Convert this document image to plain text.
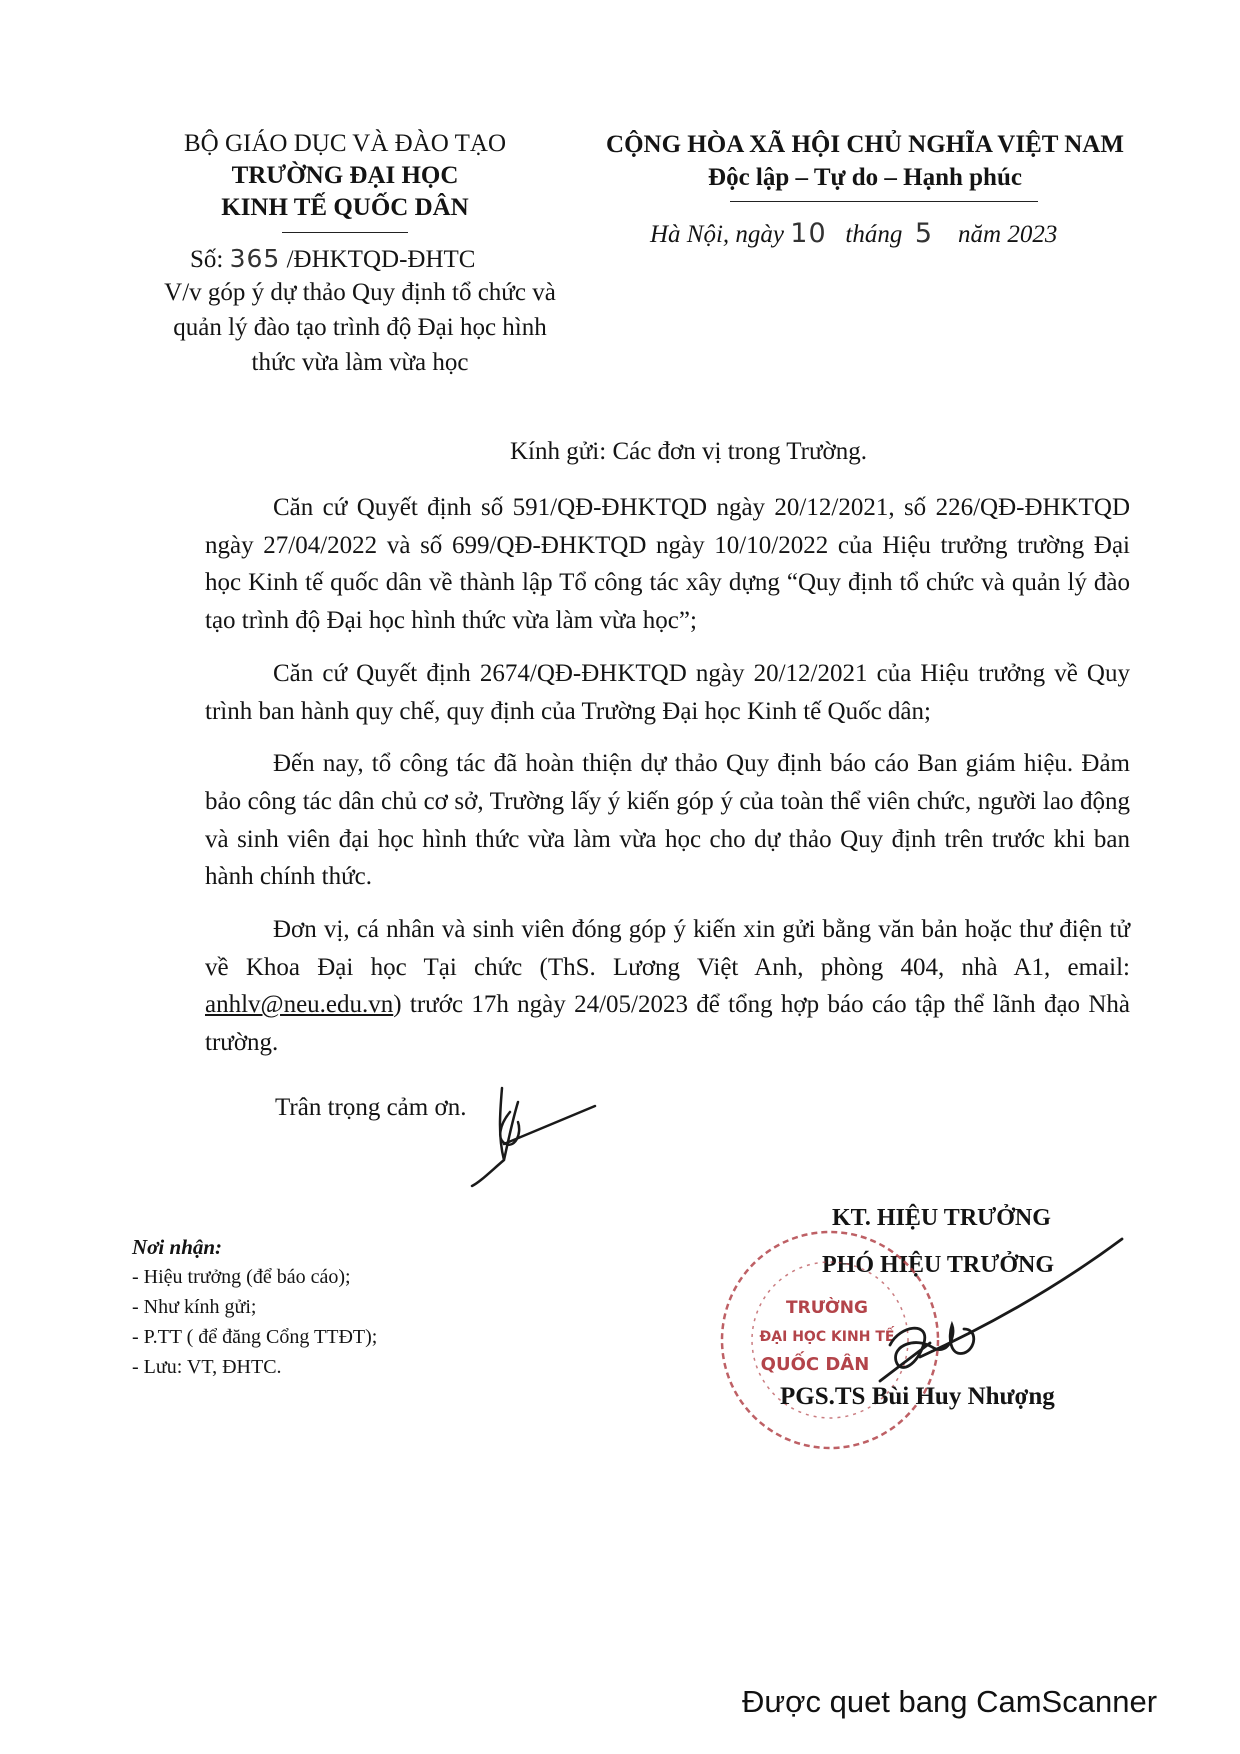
BỘ GIÁO DỤC VÀ ĐÀO TẠO
TRƯỜNG ĐẠI HỌC
KINH TẾ QUỐC DÂN
Số: 365 /ĐHKTQD-ĐHTC
V/v góp ý dự thảo Quy định tổ chức và
quản lý đào tạo trình độ Đại học hình
thức vừa làm vừa học
CỘNG HÒA XÃ HỘI CHỦ NGHĨA VIỆT NAM
Độc lập – Tự do – Hạnh phúc
Hà Nội, ngày 10 tháng 5 năm 2023
Kính gửi: Các đơn vị trong Trường.

Căn cứ Quyết định số 591/QĐ-ĐHKTQD ngày 20/12/2021, số 226/QĐ-ĐHKTQD ngày 27/04/2022 và số 699/QĐ-ĐHKTQD ngày 10/10/2022 của Hiệu trưởng trường Đại học Kinh tế quốc dân về thành lập Tổ công tác xây dựng “Quy định tổ chức và quản lý đào tạo trình độ Đại học hình thức vừa làm vừa học”;

Căn cứ Quyết định 2674/QĐ-ĐHKTQD ngày 20/12/2021 của Hiệu trưởng về Quy trình ban hành quy chế, quy định của Trường Đại học Kinh tế Quốc dân;

Đến nay, tổ công tác đã hoàn thiện dự thảo Quy định báo cáo Ban giám hiệu. Đảm bảo công tác dân chủ cơ sở, Trường lấy ý kiến góp ý của toàn thể viên chức, người lao động và sinh viên đại học hình thức vừa làm vừa học cho dự thảo Quy định trên trước khi ban hành chính thức.

Đơn vị, cá nhân và sinh viên đóng góp ý kiến xin gửi bằng văn bản hoặc thư điện tử về Khoa Đại học Tại chức (ThS. Lương Việt Anh, phòng 404, nhà A1, email: anhlv@neu.edu.vn) trước 17h ngày 24/05/2023 để tổng hợp báo cáo tập thể lãnh đạo Nhà trường.

Trân trọng cảm ơn.
Nơi nhận:
- Hiệu trưởng (để báo cáo);
- Như kính gửi;
- P.TT ( để đăng Cổng TTĐT);
- Lưu: VT, ĐHTC.
KT. HIỆU TRƯỞNG
PHÓ HIỆU TRƯỞNG
TRƯỜNG
ĐẠI HỌC KINH TẾ
QUỐC DÂN
PGS.TS Bùi Huy Nhượng
Được quet bang CamScanner
